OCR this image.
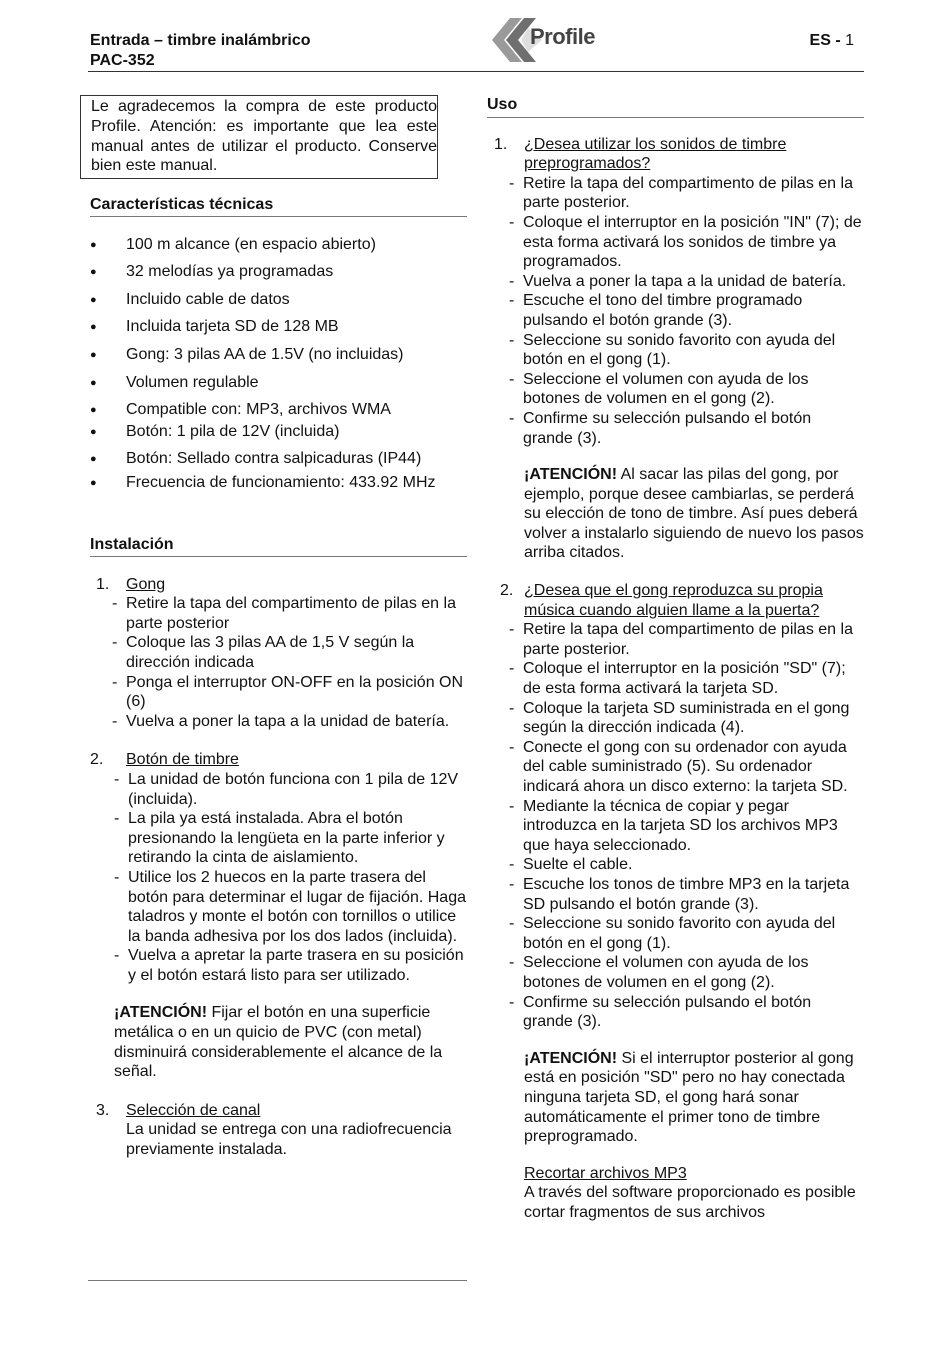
Entrada – timbre inalámbrico
PAC-352
Profile	ES - 1
Le agradecemos la compra de este producto Profile. Atención: es importante que lea este manual antes de utilizar el producto. Conserve bien este manual.
Características técnicas
● 100 m alcance (en espacio abierto)
● 32 melodías ya programadas
● Incluido cable de datos
● Incluida tarjeta SD de 128 MB
● Gong: 3 pilas AA de 1.5V (no incluidas)
● Volumen regulable
● Compatible con: MP3, archivos WMA
● Botón: 1 pila de 12V (incluida)
● Botón: Sellado contra salpicaduras (IP44)
● Frecuencia de funcionamiento: 433.92 MHz
Instalación
1. Gong
- Retire la tapa del compartimento de pilas en la parte posterior
- Coloque las 3 pilas AA de 1,5 V según la dirección indicada
- Ponga el interruptor ON-OFF en la posición ON (6)
- Vuelva a poner la tapa a la unidad de batería.
2. Botón de timbre
- La unidad de botón funciona con 1 pila de 12V (incluida).
- La pila ya está instalada. Abra el botón presionando la lengüeta en la parte inferior y retirando la cinta de aislamiento.
- Utilice los 2 huecos en la parte trasera del botón para determinar el lugar de fijación. Haga taladros y monte el botón con tornillos o utilice la banda adhesiva por los dos lados (incluida).
- Vuelva a apretar la parte trasera en su posición y el botón estará listo para ser utilizado.
¡ATENCIÓN! Fijar el botón en una superficie metálica o en un quicio de PVC (con metal) disminuirá considerablemente el alcance de la señal.
3. Selección de canal
La unidad se entrega con una radiofrecuencia previamente instalada.
Uso
1. ¿Desea utilizar los sonidos de timbre preprogramados?
- Retire la tapa del compartimento de pilas en la parte posterior.
- Coloque el interruptor en la posición "IN" (7); de esta forma activará los sonidos de timbre ya programados.
- Vuelva a poner la tapa a la unidad de batería.
- Escuche el tono del timbre programado pulsando el botón grande (3).
- Seleccione su sonido favorito con ayuda del botón en el gong (1).
- Seleccione el volumen con ayuda de los botones de volumen en el gong (2).
- Confirme su selección pulsando el botón grande (3).
¡ATENCIÓN! Al sacar las pilas del gong, por ejemplo, porque desee cambiarlas, se perderá su elección de tono de timbre. Así pues deberá volver a instalarlo siguiendo de nuevo los pasos arriba citados.
2. ¿Desea que el gong reproduzca su propia música cuando alguien llame a la puerta?
- Retire la tapa del compartimento de pilas en la parte posterior.
- Coloque el interruptor en la posición "SD" (7); de esta forma activará la tarjeta SD.
- Coloque la tarjeta SD suministrada en el gong según la dirección indicada (4).
- Conecte el gong con su ordenador con ayuda del cable suministrado (5). Su ordenador indicará ahora un disco externo: la tarjeta SD.
- Mediante la técnica de copiar y pegar introduzca en la tarjeta SD los archivos MP3 que haya seleccionado.
- Suelte el cable.
- Escuche los tonos de timbre MP3 en la tarjeta SD pulsando el botón grande (3).
- Seleccione su sonido favorito con ayuda del botón en el gong (1).
- Seleccione el volumen con ayuda de los botones de volumen en el gong (2).
- Confirme su selección pulsando el botón grande (3).
¡ATENCIÓN! Si el interruptor posterior al gong está en posición "SD" pero no hay conectada ninguna tarjeta SD, el gong hará sonar automáticamente el primer tono de timbre preprogramado.
Recortar archivos MP3
A través del software proporcionado es posible cortar fragmentos de sus archivos
